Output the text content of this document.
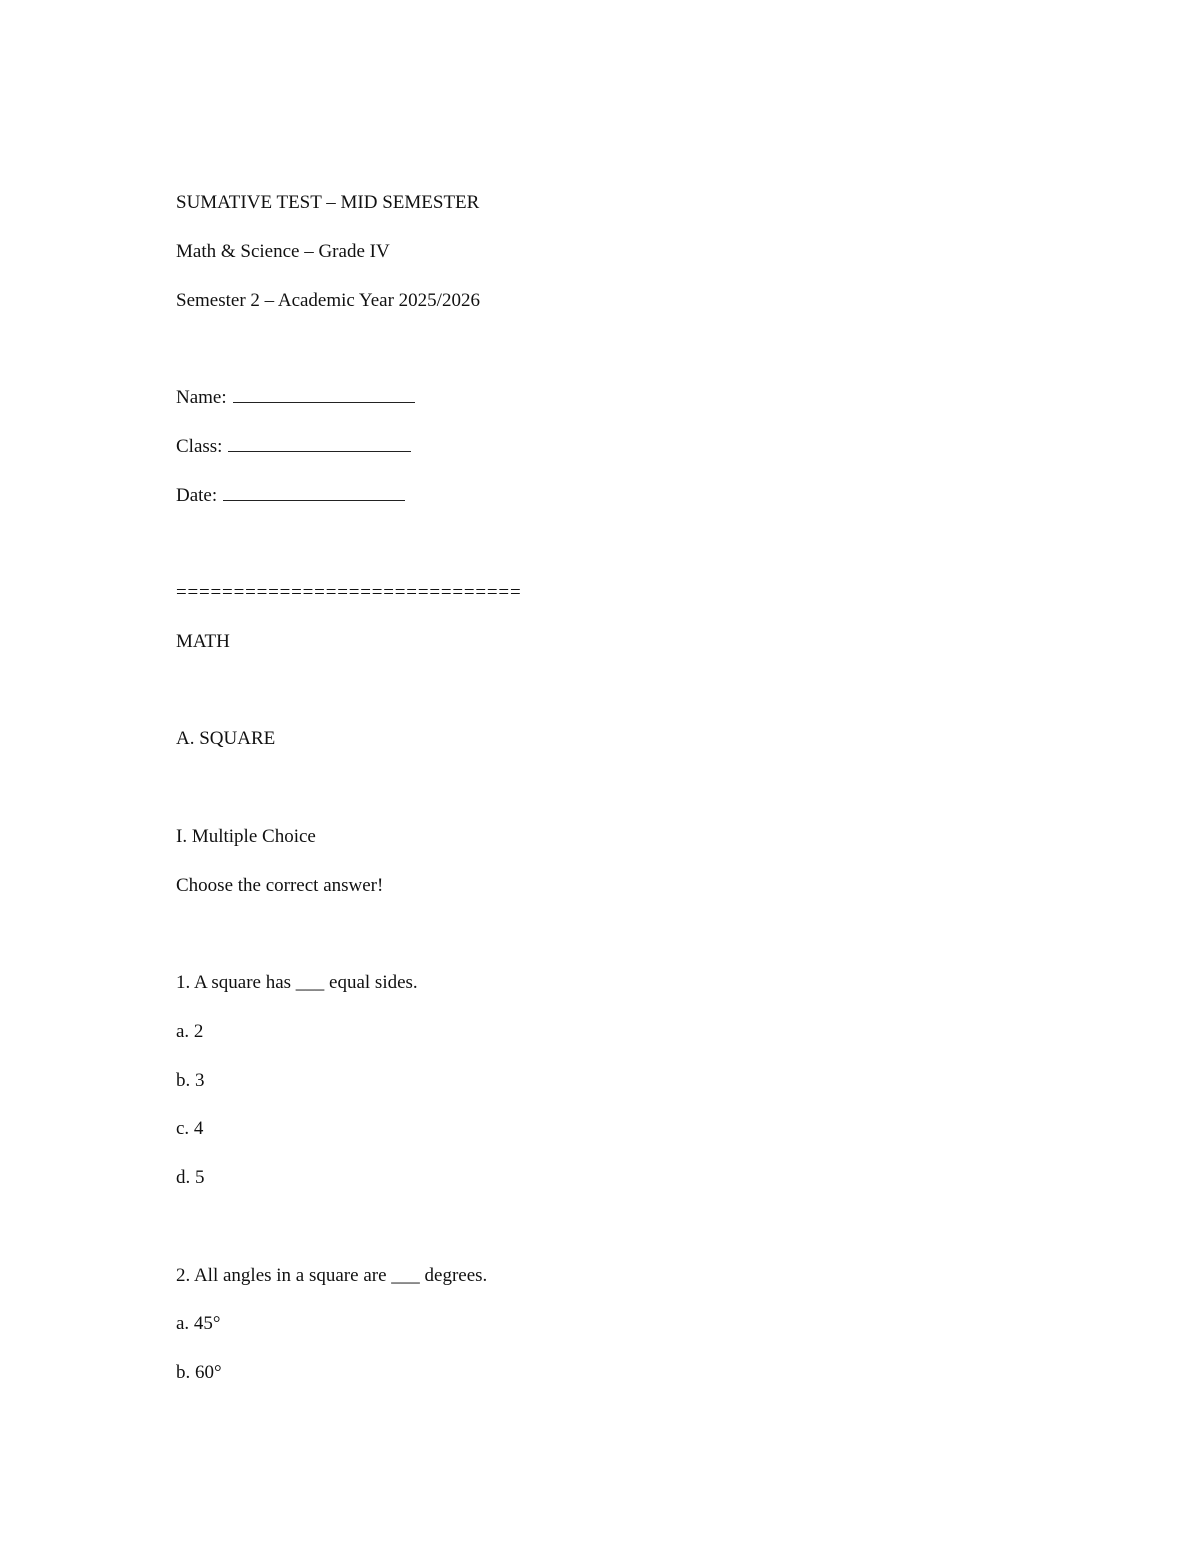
SUMATIVE TEST – MID SEMESTER
Math & Science – Grade IV
Semester 2 – Academic Year 2025/2026
Name:
Class:
Date:
==============================
MATH
A. SQUARE
I. Multiple Choice
Choose the correct answer!
1. A square has ___ equal sides.
a. 2
b. 3
c. 4
d. 5
2. All angles in a square are ___ degrees.
a. 45°
b. 60°
